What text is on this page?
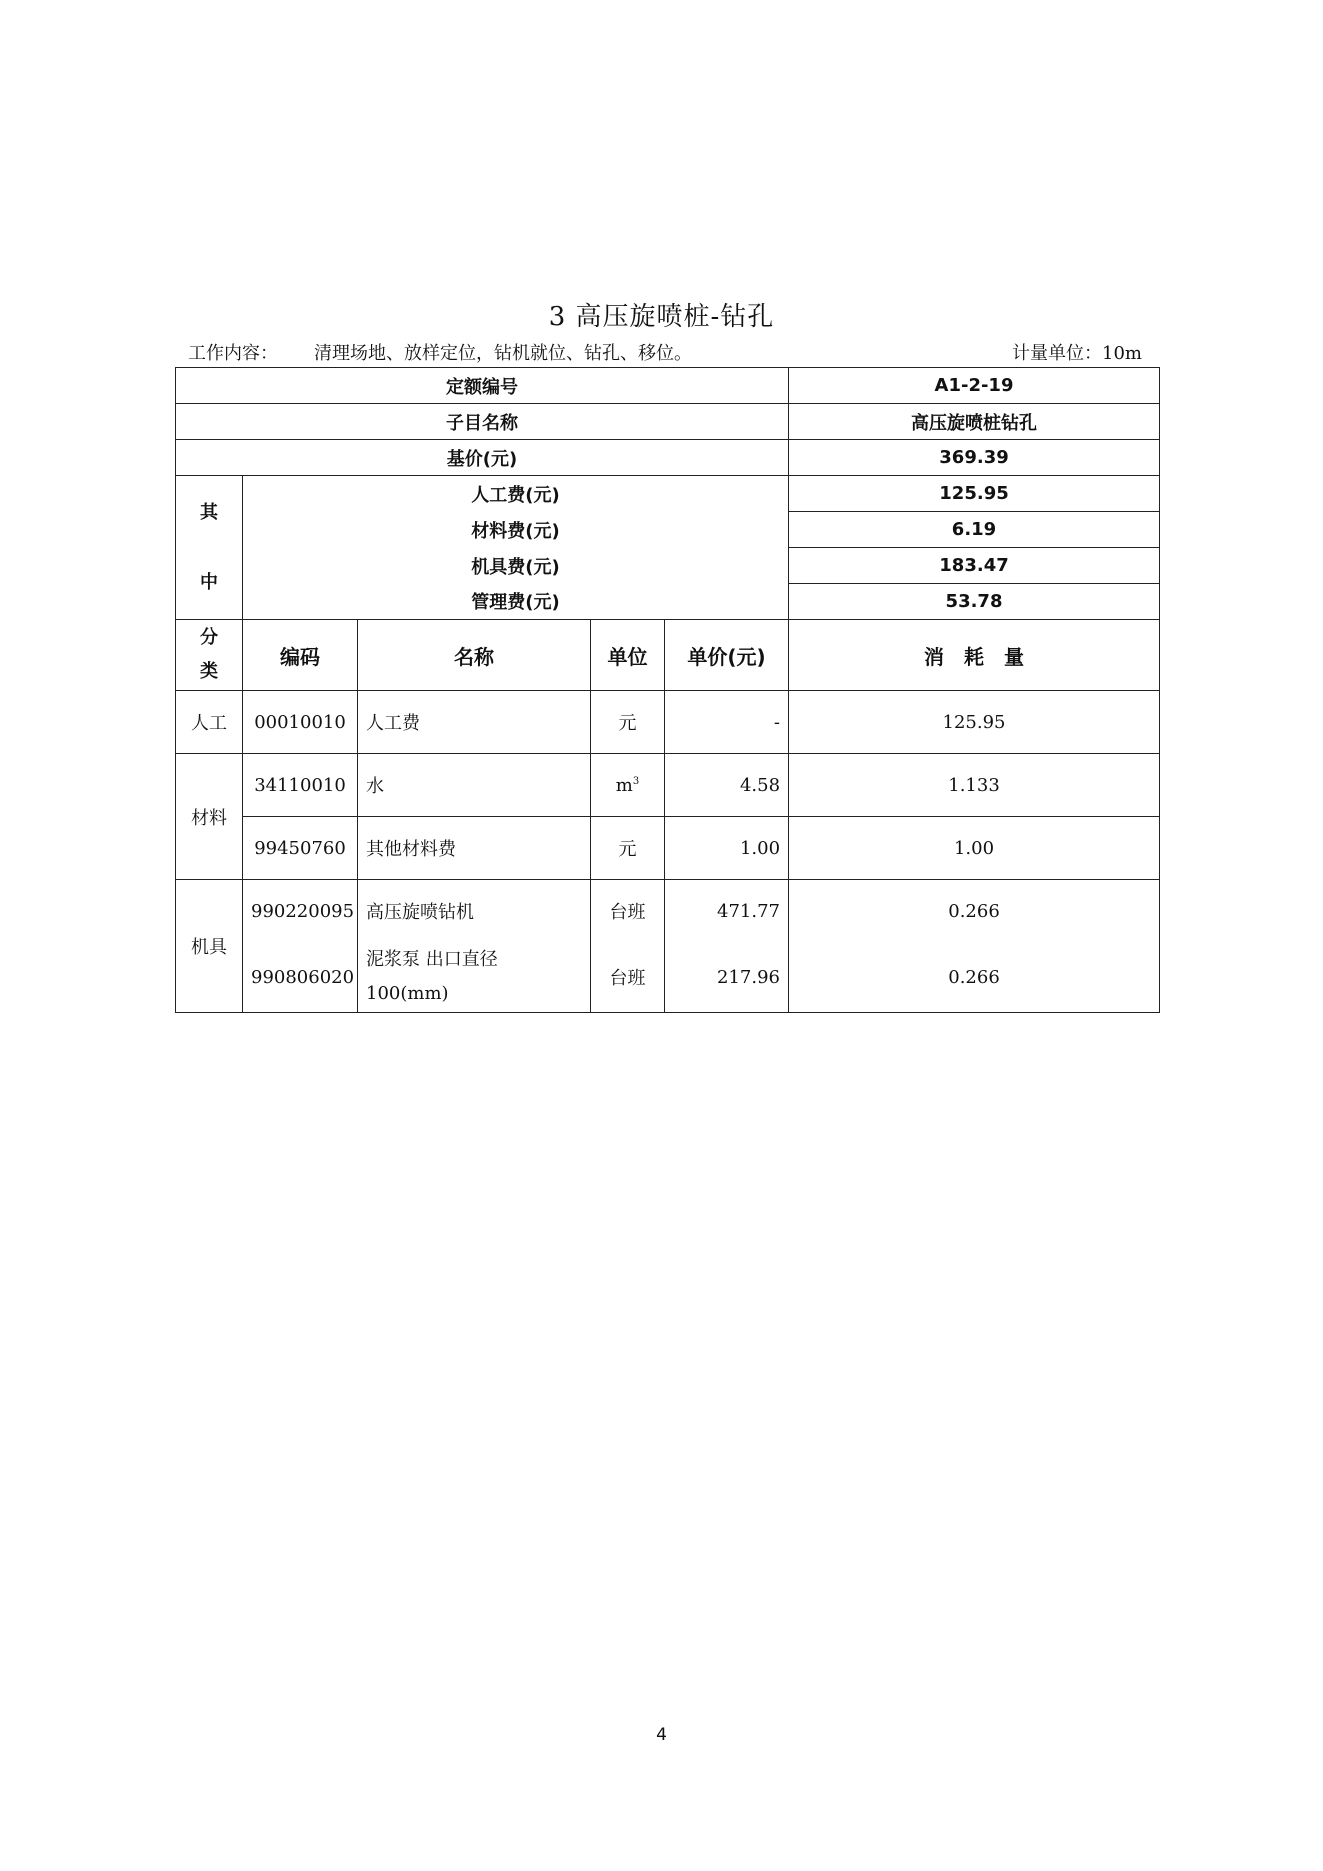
3 高压旋喷桩-钻孔
工作内容： 清理场地、放样定位，钻机就位、钻孔、移位。	计量单位：10m
定额编号					A1-2-19
子目名称					高压旋喷桩钻孔
基价(元)					369.39

其
中	人工费(元)				125.95
	材料费(元)				6.19
	机具费(元)				183.47
	管理费(元)				53.78

分
类	编码	名称	单位	单价(元)	消　耗　量
人工	00010010	人工费	元	-	125.95
材料	34110010	水	$m^3$	4.58	1.133
	99450760	其他材料费	元	1.00	1.00
机具	990220095	高压旋喷钻机	台班	471.77	0.266
	990806020	泥浆泵 出口直径
100(mm)	台班	217.96	0.266
4
